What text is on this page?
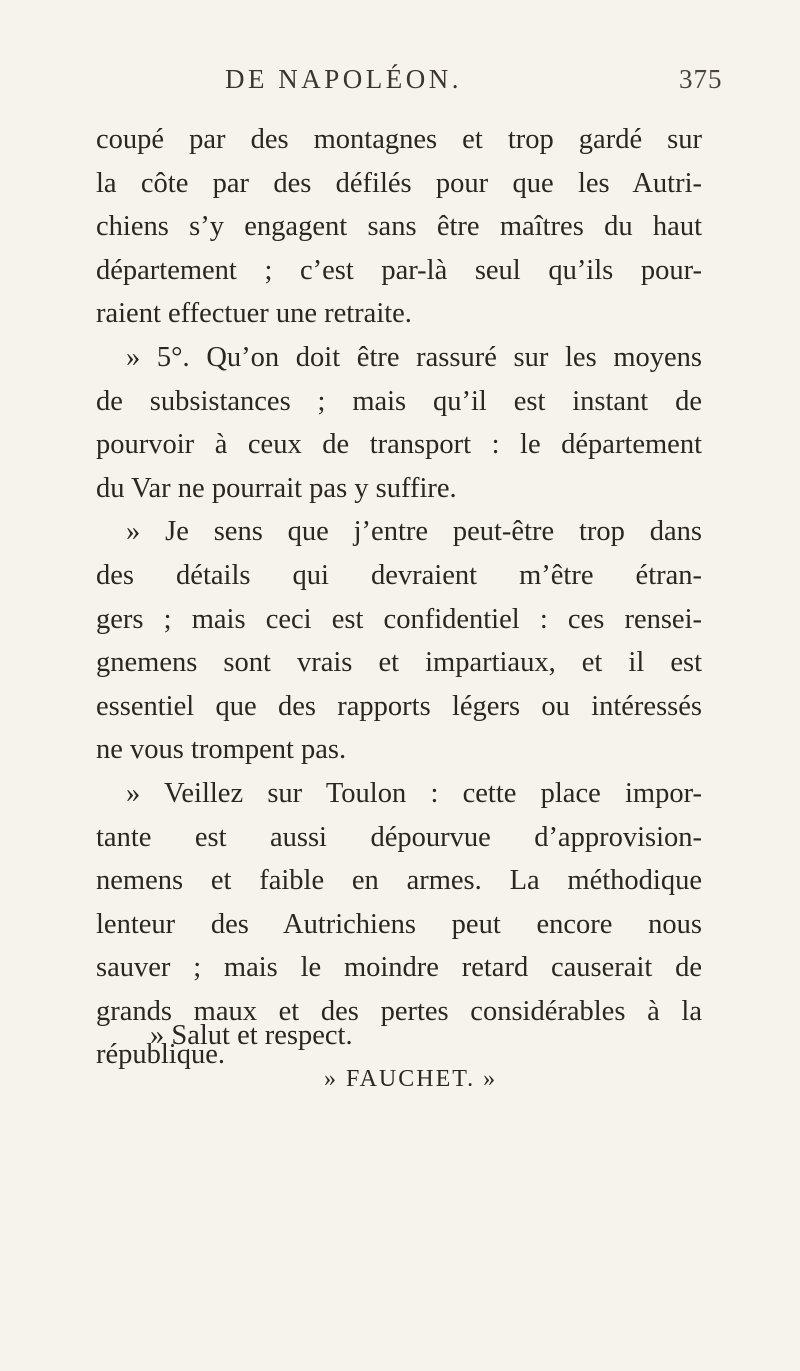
DE NAPOLÉON.	375
coupé par des montagnes et trop gardé sur
la côte par des défilés pour que les Autri-
chiens s’y engagent sans être maîtres du haut
département ; c’est par-là seul qu’ils pour-
raient effectuer une retraite.
» 5°. Qu’on doit être rassuré sur les moyens
de subsistances ; mais qu’il est instant de
pourvoir à ceux de transport : le département
du Var ne pourrait pas y suffire.
» Je sens que j’entre peut-être trop dans
des détails qui devraient m’être étran-
gers ; mais ceci est confidentiel : ces rensei-
gnemens sont vrais et impartiaux, et il est
essentiel que des rapports légers ou intéressés
ne vous trompent pas.
» Veillez sur Toulon : cette place impor-
tante est aussi dépourvue d’approvision-
nemens et faible en armes. La méthodique
lenteur des Autrichiens peut encore nous
sauver ; mais le moindre retard causerait de
grands maux et des pertes considérables à la
république.
» Salut et respect.
» FAUCHET. »
